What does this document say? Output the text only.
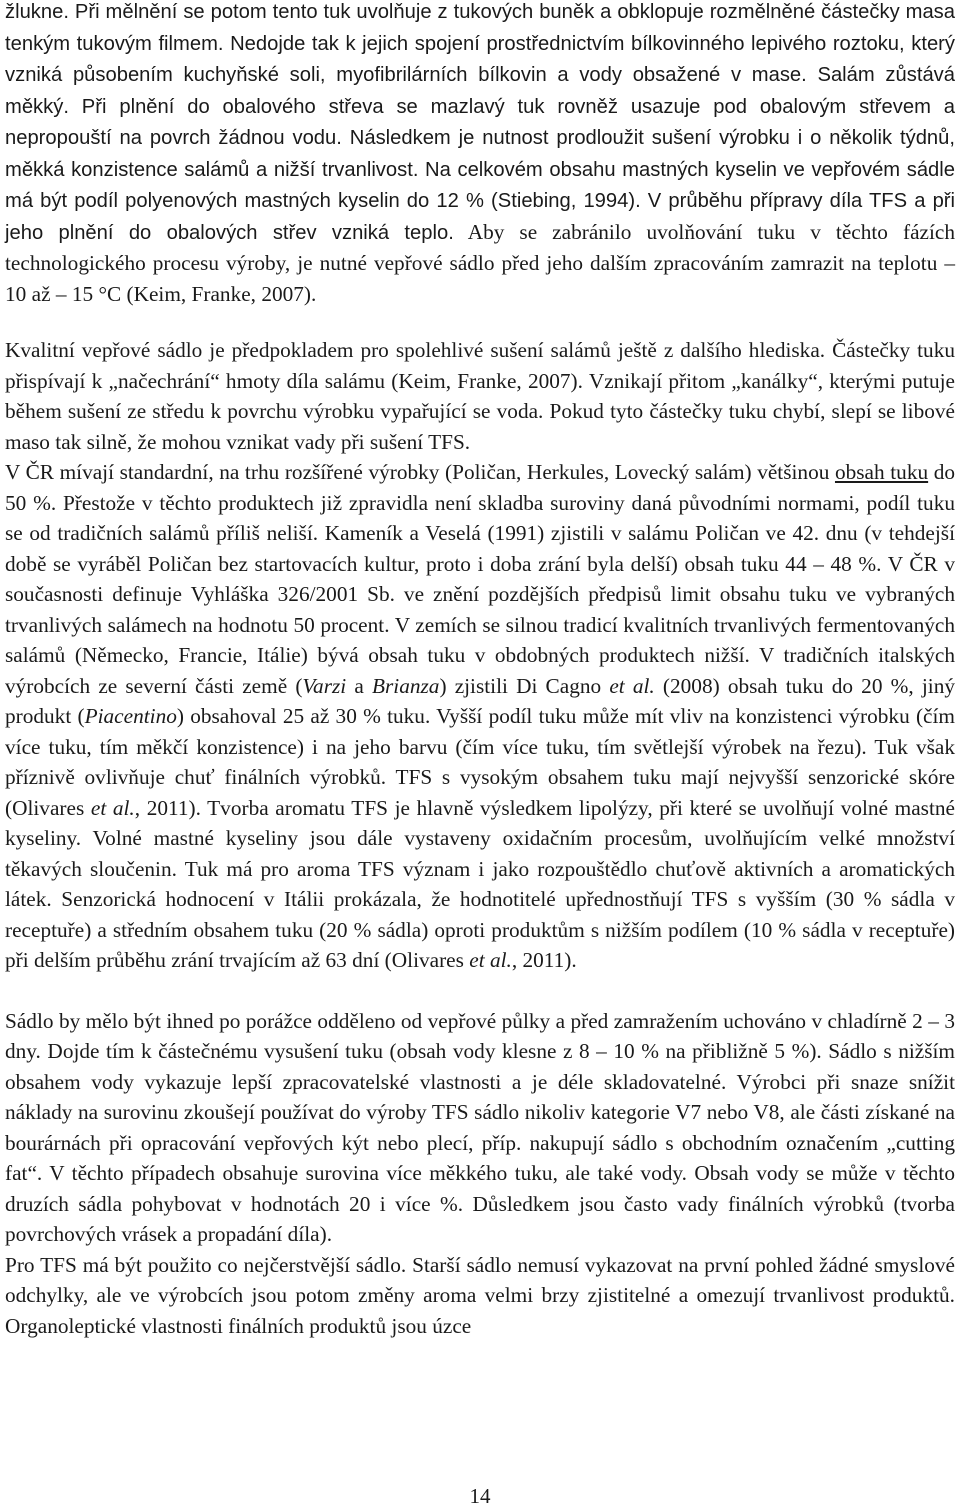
žlukne. Při mělnění se potom tento tuk uvolňuje z tukových buněk a obklopuje rozmělněné částečky masa tenkým tukovým filmem. Nedojde tak k jejich spojení prostřednictvím bílkovinného lepivého roztoku, který vzniká působením kuchyňské soli, myofibrilárních bílkovin a vody obsažené v mase. Salám zůstává měkký. Při plnění do obalového střeva se mazlavý tuk rovněž usazuje pod obalovým střevem a nepropouští na povrch žádnou vodu. Následkem je nutnost prodloužit sušení výrobku i o několik týdnů, měkká konzistence salámů a nižší trvanlivost. Na celkovém obsahu mastných kyselin ve vepřovém sádle má být podíl polyenových mastných kyselin do 12 % (Stiebing, 1994). V průběhu přípravy díla TFS a při jeho plnění do obalových střev vzniká teplo. Aby se zabránilo uvolňování tuku v těchto fázích technologického procesu výroby, je nutné vepřové sádlo před jeho dalším zpracováním zamrazit na teplotu – 10 až – 15 °C (Keim, Franke, 2007).

Kvalitní vepřové sádlo je předpokladem pro spolehlivé sušení salámů ještě z dalšího hlediska. Částečky tuku přispívají k „načechrání“ hmoty díla salámu (Keim, Franke, 2007). Vznikají přitom „kanálky“, kterými putuje během sušení ze středu k povrchu výrobku vypařující se voda. Pokud tyto částečky tuku chybí, slepí se libové maso tak silně, že mohou vznikat vady při sušení TFS.

V ČR mívají standardní, na trhu rozšířené výrobky (Poličan, Herkules, Lovecký salám) většinou obsah tuku do 50 %. Přestože v těchto produktech již zpravidla není skladba suroviny daná původními normami, podíl tuku se od tradičních salámů příliš neliší. Kameník a Veselá (1991) zjistili v salámu Poličan ve 42. dnu (v tehdejší době se vyráběl Poličan bez startovacích kultur, proto i doba zrání byla delší) obsah tuku 44 – 48 %. V ČR v současnosti definuje Vyhláška 326/2001 Sb. ve znění pozdějších předpisů limit obsahu tuku ve vybraných trvanlivých salámech na hodnotu 50 procent. V zemích se silnou tradicí kvalitních trvanlivých fermentovaných salámů (Německo, Francie, Itálie) bývá obsah tuku v obdobných produktech nižší. V tradičních italských výrobcích ze severní části země (Varzi a Brianza) zjistili Di Cagno et al. (2008) obsah tuku do 20 %, jiný produkt (Piacentino) obsahoval 25 až 30 % tuku. Vyšší podíl tuku může mít vliv na konzistenci výrobku (čím více tuku, tím měkčí konzistence) i na jeho barvu (čím více tuku, tím světlejší výrobek na řezu). Tuk však příznivě ovlivňuje chuť finálních výrobků. TFS s vysokým obsahem tuku mají nejvyšší senzorické skóre (Olivares et al., 2011). Tvorba aromatu TFS je hlavně výsledkem lipolýzy, při které se uvolňují volné mastné kyseliny. Volné mastné kyseliny jsou dále vystaveny oxidačním procesům, uvolňujícím velké množství těkavých sloučenin. Tuk má pro aroma TFS význam i jako rozpouštědlo chuťově aktivních a aromatických látek. Senzorická hodnocení v Itálii prokázala, že hodnotitelé upřednostňují TFS s vyšším (30 % sádla v receptuře) a středním obsahem tuku (20 % sádla) oproti produktům s nižším podílem (10 % sádla v receptuře) při delším průběhu zrání trvajícím až 63 dní (Olivares et al., 2011).

Sádlo by mělo být ihned po porážce odděleno od vepřové půlky a před zamražením uchováno v chladírně 2 – 3 dny. Dojde tím k částečnému vysušení tuku (obsah vody klesne z 8 – 10 % na přibližně 5 %). Sádlo s nižším obsahem vody vykazuje lepší zpracovatelské vlastnosti a je déle skladovatelné. Výrobci při snaze snížit náklady na surovinu zkoušejí používat do výroby TFS sádlo nikoliv kategorie V7 nebo V8, ale části získané na bourárnách při opracování vepřových kýt nebo plecí, příp. nakupují sádlo s obchodním označením „cutting fat“. V těchto případech obsahuje surovina více měkkého tuku, ale také vody. Obsah vody se může v těchto druzích sádla pohybovat v hodnotách 20 i více %. Důsledkem jsou často vady finálních výrobků (tvorba povrchových vrásek a propadání díla).

Pro TFS má být použito co nejčerstvější sádlo. Starší sádlo nemusí vykazovat na první pohled žádné smyslové odchylky, ale ve výrobcích jsou potom změny aroma velmi brzy zjistitelné a omezují trvanlivost produktů. Organoleptické vlastnosti finálních produktů jsou úzce

14
